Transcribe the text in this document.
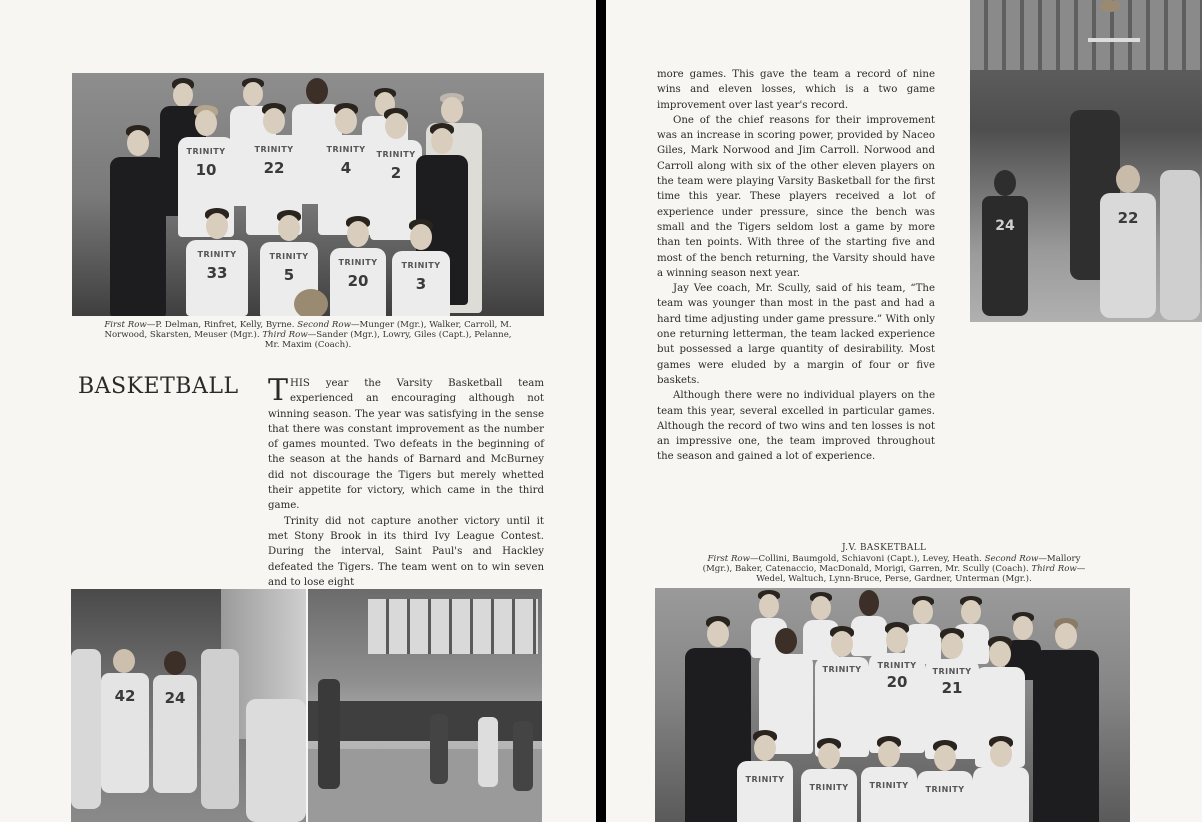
TRINITY
10
TRINITY
22
TRINITY
4
TRINITY
2
TRINITY
33
TRINITY
5
TRINITY
20
TRINITY
3
First Row—P. Delman, Rinfret, Kelly, Byrne. Second Row—Munger (Mgr.), Walker, Carroll, M. Norwood, Skarsten, Meuser (Mgr.). Third Row—Sander (Mgr.), Lowry, Giles (Capt.), Pelanne, Mr. Maxim (Coach).
BASKETBALL THIS year the Varsity Basketball team experienced an encouraging although not winning season. The year was satisfying in the sense that there was constant improvement as the number of games mounted. Two defeats in the beginning of the season at the hands of Barnard and McBurney did not discourage the Tigers but merely whetted their appetite for victory, which came in the third game.

Trinity did not capture another victory until it met Stony Brook in its third Ivy League Contest. During the interval, Saint Paul's and Hackley defeated the Tigers. The team went on to win seven and to lose eight

42	24

more games. This gave the team a record of nine wins and eleven losses, which is a two game improvement over last year's record.

One of the chief reasons for their improvement was an increase in scoring power, provided by Naceo Giles, Mark Norwood and Jim Carroll. Norwood and Carroll along with six of the other eleven players on the team were playing Varsity Basketball for the first time this year. These players received a lot of experience under pressure, since the bench was small and the Tigers seldom lost a game by more than ten points. With three of the starting five and most of the bench returning, the Varsity should have a winning season next year.

Jay Vee coach, Mr. Scully, said of his team, “The team was younger than most in the past and had a hard time adjusting under game pressure.” With only one returning letterman, the team lacked experience but possessed a large quantity of desirability. Most games were eluded by a margin of four or five baskets.

Although there were no individual players on the team this year, several excelled in particular games. Although the record of two wins and ten losses is not an impressive one, the team improved throughout the season and gained a lot of experience.

24	22
J.V. BASKETBALL
First Row—Collini, Baumgold, Schiavoni (Capt.), Levey, Heath. Second Row—Mallory (Mgr.), Baker, Catenaccio, MacDonald, Morigi, Garren, Mr. Scully (Coach). Third Row—Wedel, Waltuch, Lynn-Bruce, Perse, Gardner, Unterman (Mgr.).
TRINITY	TRINITY
20
TRINITY
21
TRINITY
TRINITY	TRINITY	TRINITY
